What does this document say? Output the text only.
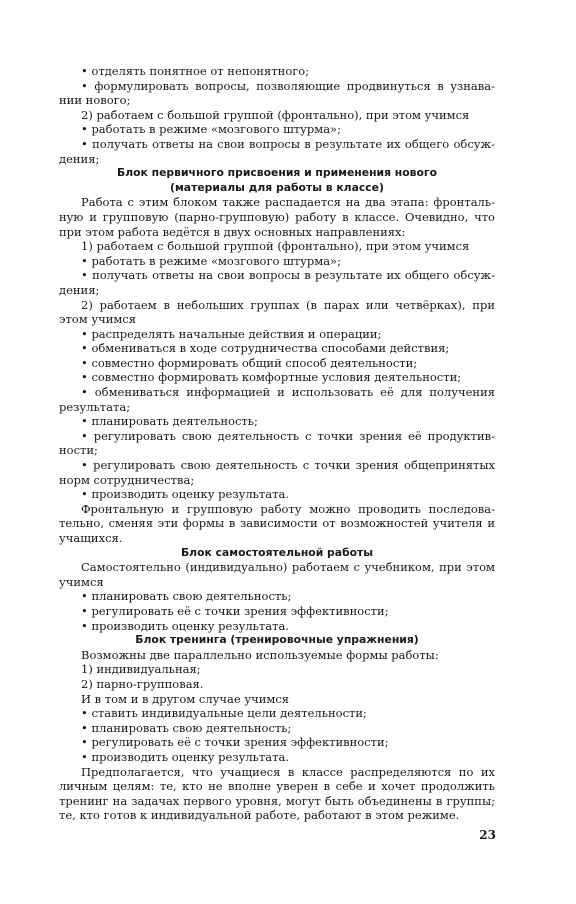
• отделять понятное от непонятного;

• формулировать вопросы, позволяющие продвинуться в узнава-нии нового;

2) работаем с большой группой (фронтально), при этом учимся

• работать в режиме «мозгового штурма»;

• получать ответы на свои вопросы в результате их общего обсуж-дения;

Блок первичного присвоения и применения нового

(материалы для работы в классе)

Работа с этим блоком также распадается на два этапа: фронталь-ную и групповую (парно-групповую) работу в классе. Очевидно, что при этом работа ведётся в двух основных направлениях:

1) работаем с большой группой (фронтально), при этом учимся

• работать в режиме «мозгового штурма»;

• получать ответы на свои вопросы в результате их общего обсуж-дения;

2) работаем в небольших группах (в парах или четвёрках), при этом учимся

• распределять начальные действия и операции;

• обмениваться в ходе сотрудничества способами действия;

• совместно формировать общий способ деятельности;

• совместно формировать комфортные условия деятельности;

• обмениваться информацией и использовать её для получения результата;

• планировать деятельность;

• регулировать свою деятельность с точки зрения её продуктив-ности;

• регулировать свою деятельность с точки зрения общепринятых норм сотрудничества;

• производить оценку результата.

Фронтальную и групповую работу можно проводить последова-тельно, сменяя эти формы в зависимости от возможностей учителя и учащихся.

Блок самостоятельной работы

Самостоятельно (индивидуально) работаем с учебником, при этом учимся

• планировать свою деятельность;

• регулировать её с точки зрения эффективности;

• производить оценку результата.

Блок тренинга (тренировочные упражнения)

Возможны две параллельно используемые формы работы:

1) индивидуальная;

2) парно-групповая.

И в том и в другом случае учимся

• ставить индивидуальные цели деятельности;

• планировать свою деятельность;

• регулировать её с точки зрения эффективности;

• производить оценку результата.

Предполагается, что учащиеся в классе распределяются по их личным целям: те, кто не вполне уверен в себе и хочет продолжить тренинг на задачах первого уровня, могут быть объединены в группы; те, кто готов к индивидуальной работе, работают в этом режиме.

23
